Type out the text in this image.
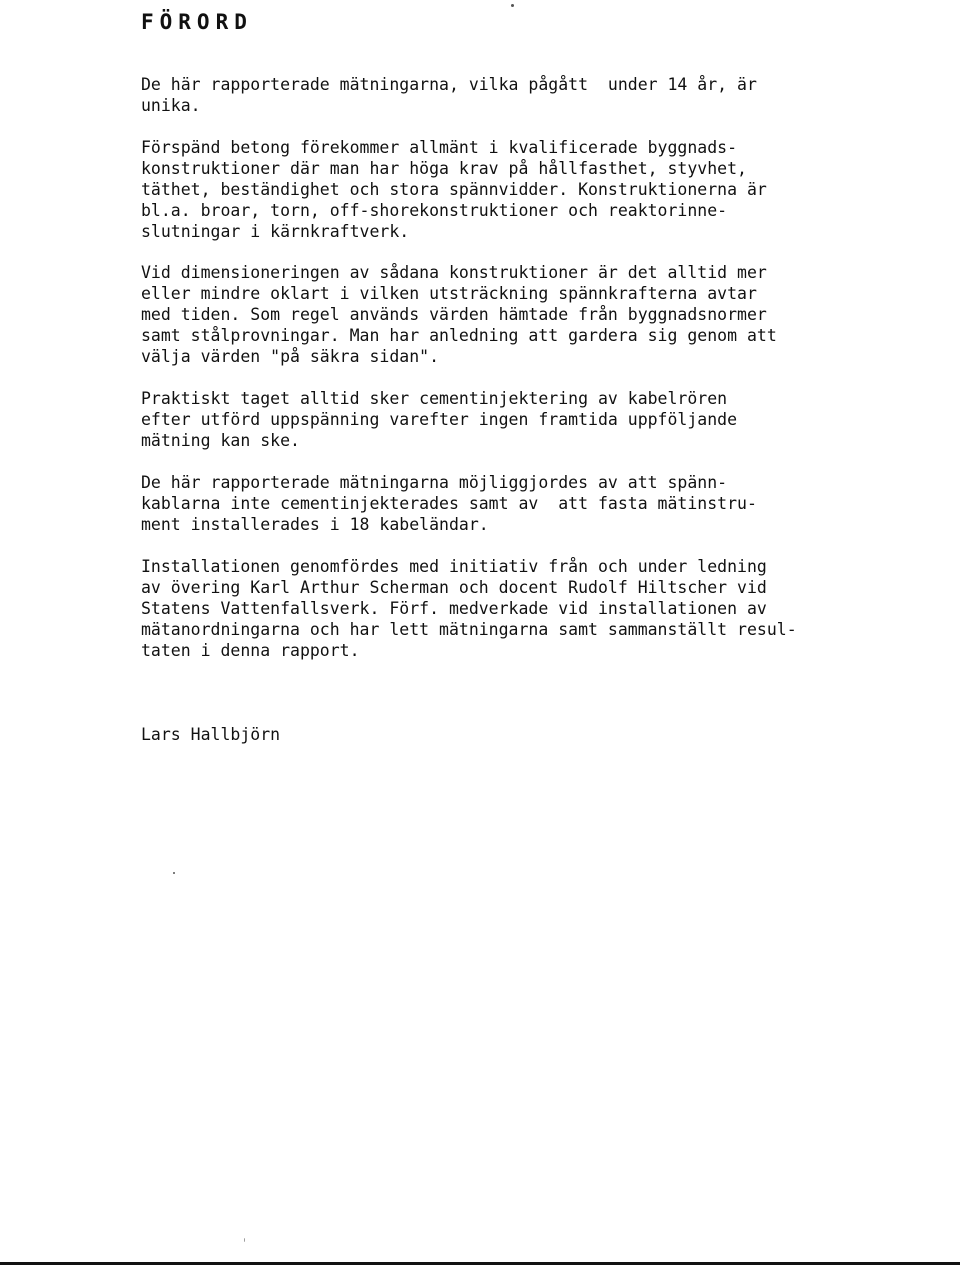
FÖRORD

De här rapporterade mätningarna, vilka pågått  under 14 år, är
unika.

Förspänd betong förekommer allmänt i kvalificerade byggnads-
konstruktioner där man har höga krav på hållfasthet, styvhet,
täthet, beständighet och stora spännvidder. Konstruktionerna är
bl.a. broar, torn, off-shorekonstruktioner och reaktorinne-
slutningar i kärnkraftverk.

Vid dimensioneringen av sådana konstruktioner är det alltid mer
eller mindre oklart i vilken utsträckning spännkrafterna avtar
med tiden. Som regel används värden hämtade från byggnadsnormer
samt stålprovningar. Man har anledning att gardera sig genom att
välja värden "på säkra sidan".

Praktiskt taget alltid sker cementinjektering av kabelrören
efter utförd uppspänning varefter ingen framtida uppföljande
mätning kan ske.

De här rapporterade mätningarna möjliggjordes av att spänn-
kablarna inte cementinjekterades samt av  att fasta mätinstru-
ment installerades i 18 kabeländar.

Installationen genomfördes med initiativ från och under ledning
av övering Karl Arthur Scherman och docent Rudolf Hiltscher vid
Statens Vattenfallsverk. Förf. medverkade vid installationen av
mätanordningarna och har lett mätningarna samt sammanställt resul-
taten i denna rapport.

Lars Hallbjörn
